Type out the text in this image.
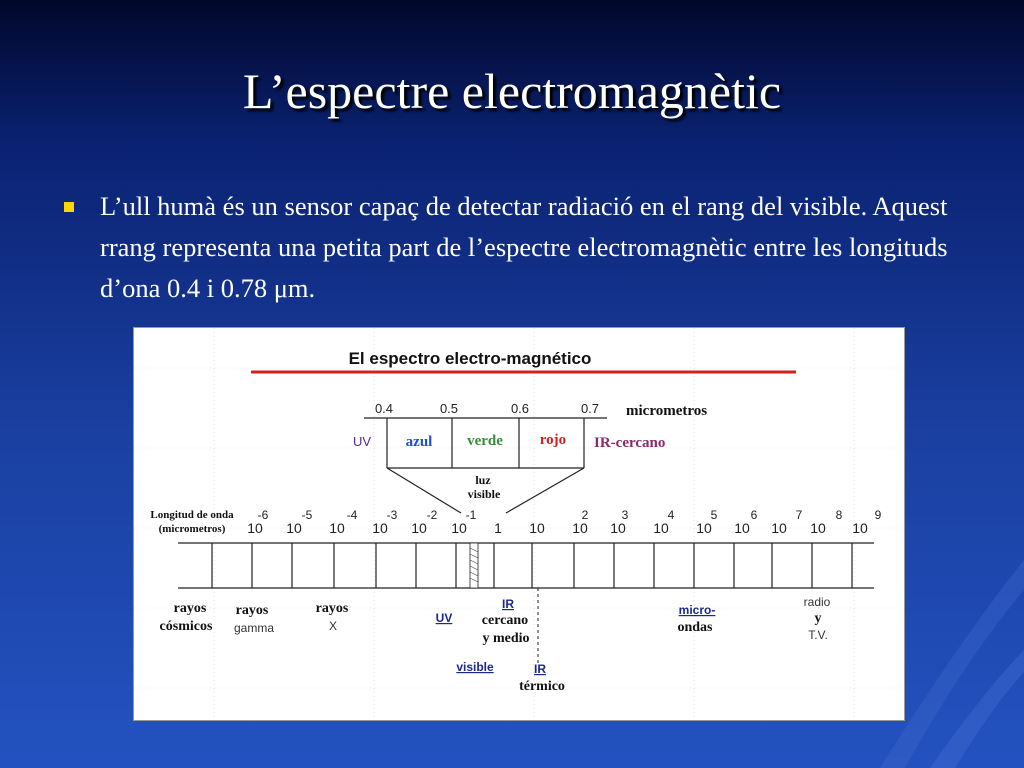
L’espectre electromagnètic
L’ull humà és un sensor capaç de detectar radiació en el rang del visible. Aquest rrang representa una petita part de l’espectre electromagnètic entre les longituds d’ona 0.4 i 0.78 μm.
El espectro electro-magnético
0.4	0.5	0.6	0.7 micrometros
UV azul verde rojo IR-cercano
luz
visible
Longitud de onda
(micrometros)
-6	-5	-4 -3 -2 -1	2	3	4	5	6	7	8	9
10 10 10 10 10 10 1 10 10 10 10 10 10 10 10 10
rayos
cósmicos
rayos
gamma
rayos
X
UV
IR
cercano
y medio
visible	IR
térmico
micro-
ondas
radio
y
T.V.
